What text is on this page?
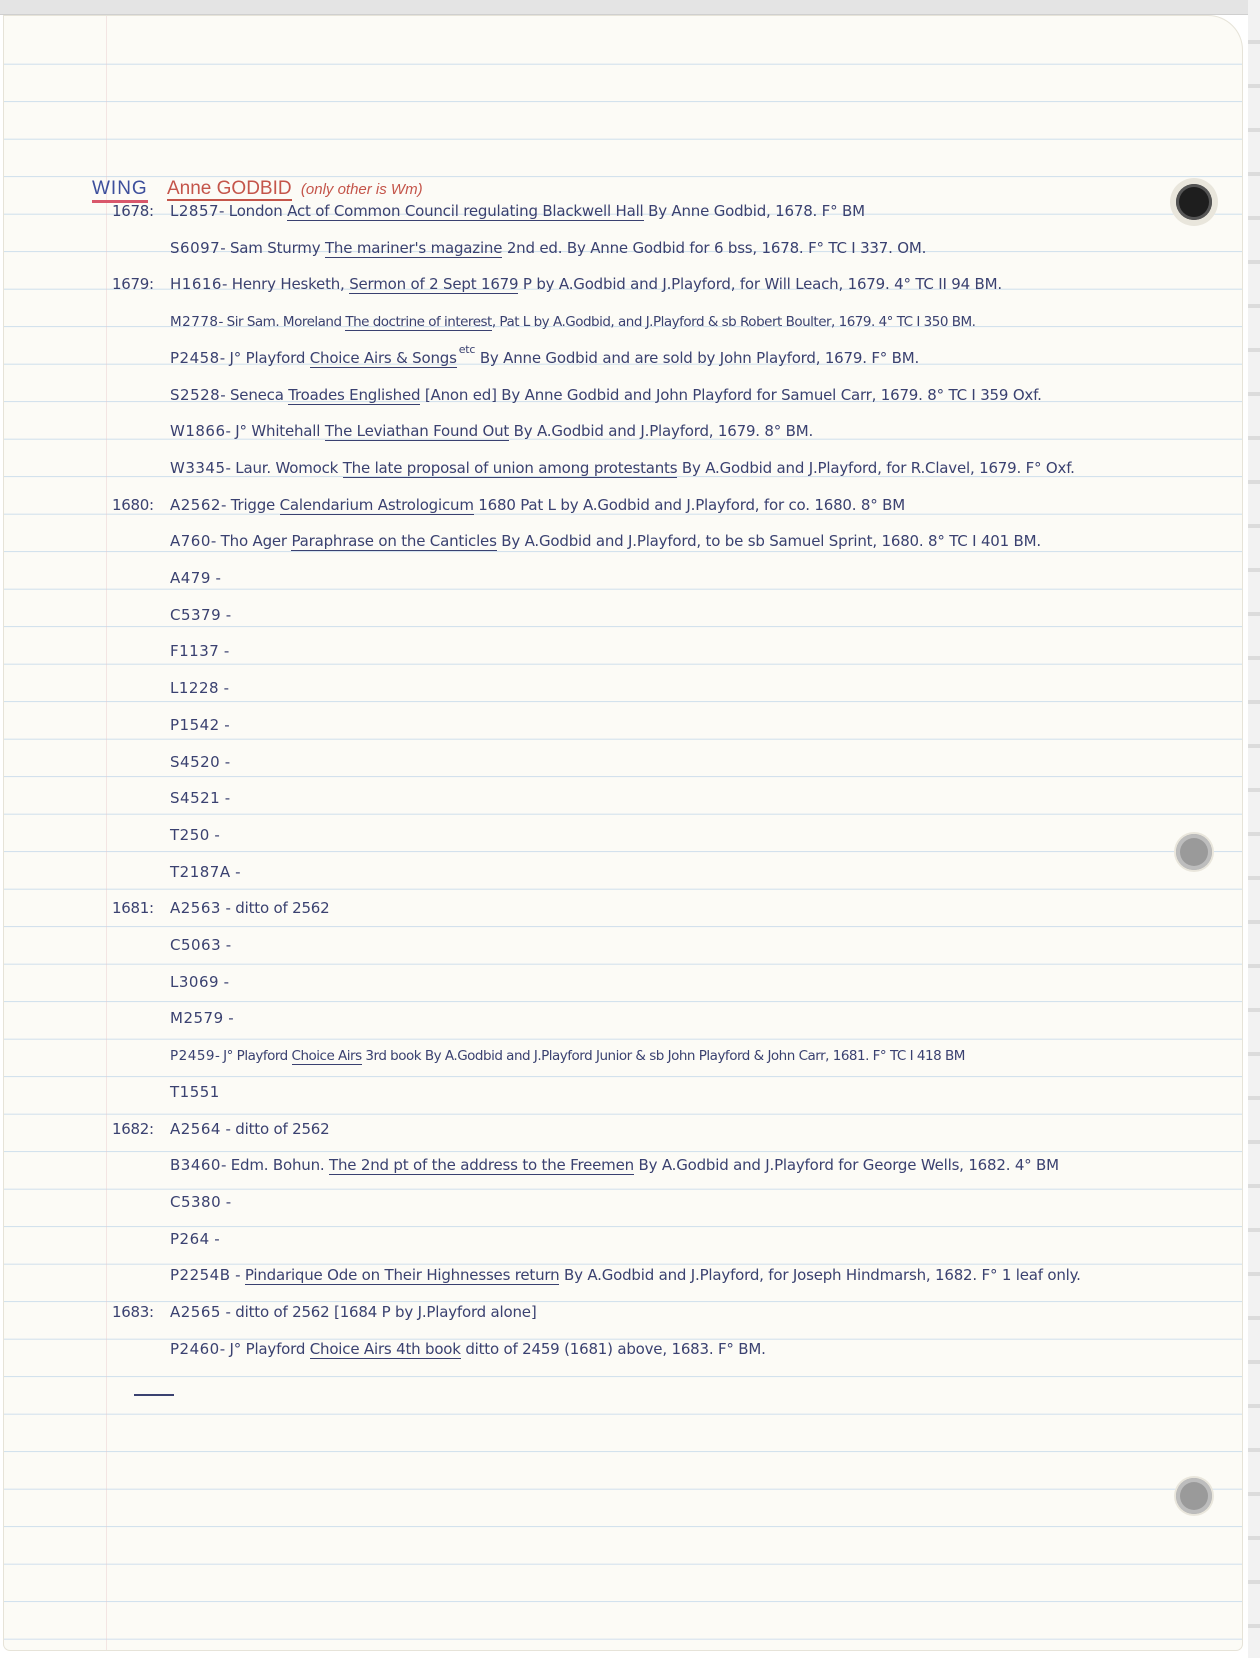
WING Anne GODBID (only other is Wm)
1678:	L2857- London Act of Common Council regulating Blackwell Hall By Anne Godbid, 1678. F° BM
S6097- Sam Sturmy The mariner's magazine 2nd ed. By Anne Godbid for 6 bss, 1678. F° TC I 337. OM.
1679:	H1616- Henry Hesketh, Sermon of 2 Sept 1679 P by A.Godbid and J.Playford, for Will Leach, 1679. 4° TC II 94 BM.
M2778- Sir Sam. Moreland The doctrine of interest, Pat L by A.Godbid, and J.Playford & sb Robert Boulter, 1679. 4° TC I 350 BM.
P2458- J° Playford Choice Airs & Songs $^{etc}$ By Anne Godbid and are sold by John Playford, 1679. F° BM.
S2528- Seneca Troades Englished [Anon ed] By Anne Godbid and John Playford for Samuel Carr, 1679. 8° TC I 359 Oxf.
W1866- J° Whitehall The Leviathan Found Out By A.Godbid and J.Playford, 1679. 8° BM.
W3345- Laur. Womock The late proposal of union among protestants By A.Godbid and J.Playford, for R.Clavel, 1679. F° Oxf.
1680:	A2562- Trigge Calendarium Astrologicum 1680 Pat L by A.Godbid and J.Playford, for co. 1680. 8° BM
A760- Tho Ager Paraphrase on the Canticles By A.Godbid and J.Playford, to be sb Samuel Sprint, 1680. 8° TC I 401 BM.
A479 -
C5379 -
F1137 -
L1228 -
P1542 -
S4520 -
S4521 -
T250 -
T2187A -
1681:	A2563 - ditto of 2562
C5063 -
L3069 -
M2579 -
P2459- J° Playford Choice Airs 3rd book By A.Godbid and J.Playford Junior & sb John Playford & John Carr, 1681. F° TC I 418 BM
T1551
1682:	A2564 - ditto of 2562
B3460- Edm. Bohun. The 2nd pt of the address to the Freemen By A.Godbid and J.Playford for George Wells, 1682. 4° BM
C5380 -
P264 -
P2254B - Pindarique Ode on Their Highnesses return By A.Godbid and J.Playford, for Joseph Hindmarsh, 1682. F° 1 leaf only.
1683:	A2565 - ditto of 2562 [1684 P by J.Playford alone]
P2460- J° Playford Choice Airs 4th book ditto of 2459 (1681) above, 1683. F° BM.
